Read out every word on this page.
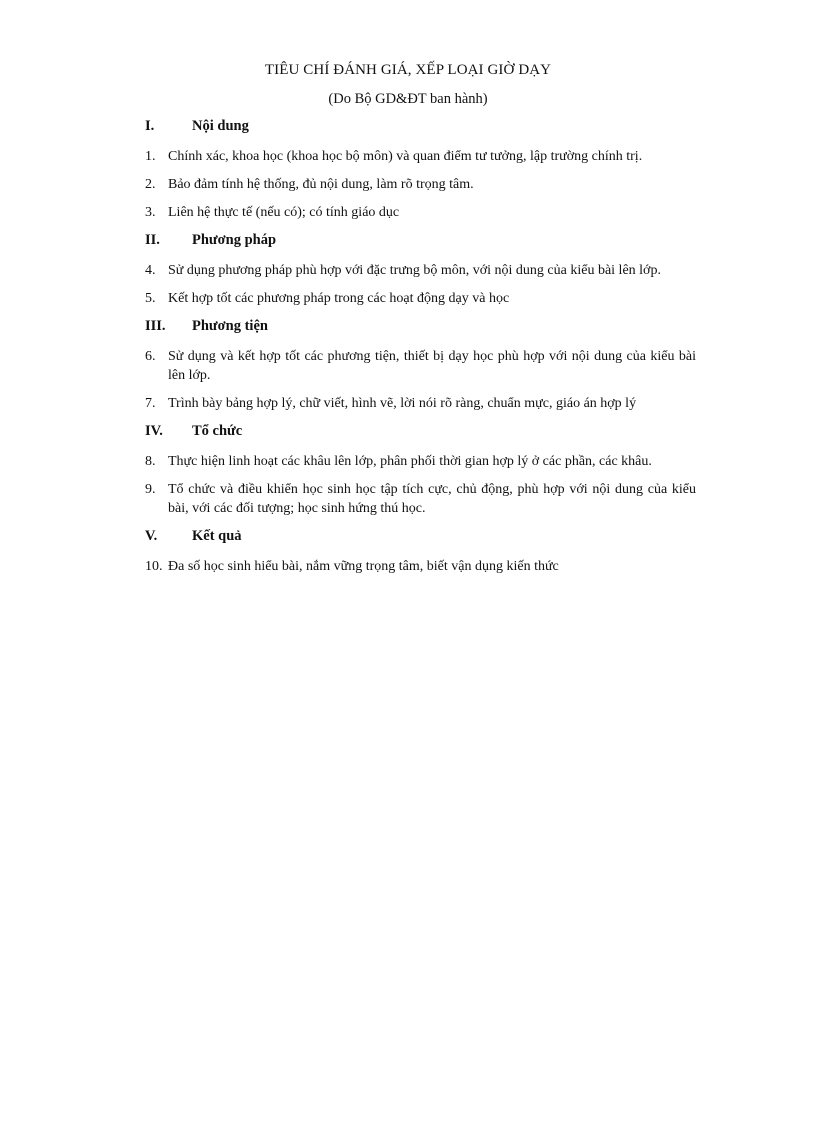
TIÊU CHÍ ĐÁNH GIÁ, XẾP LOẠI GIỜ DẠY
(Do Bộ GD&ĐT ban hành)
I.	Nội dung
1. Chính xác, khoa học (khoa học bộ môn) và quan điểm tư tưởng, lập trường chính trị.
2. Bảo đảm tính hệ thống, đủ nội dung, làm rõ trọng tâm.
3. Liên hệ thực tế (nếu có); có tính giáo dục
II.	Phương pháp
4. Sử dụng phương pháp phù hợp với đặc trưng bộ môn, với nội dung của kiểu bài lên lớp.
5. Kết hợp tốt các phương pháp trong các hoạt động dạy và học
III.	Phương tiện
6. Sử dụng và kết hợp tốt các phương tiện, thiết bị dạy học phù hợp với nội dung của kiểu bài lên lớp.
7. Trình bày bảng hợp lý, chữ viết, hình vẽ, lời nói rõ ràng, chuẩn mực, giáo án hợp lý
IV.	Tổ chức
8. Thực hiện linh hoạt các khâu lên lớp, phân phối thời gian hợp lý ở các phần, các khâu.
9. Tổ chức và điều khiển học sinh học tập tích cực, chủ động, phù hợp với nội dung của kiểu bài, với các đối tượng; học sinh hứng thú học.
V.	Kết quả
10. Đa số học sinh hiểu bài, nắm vững trọng tâm, biết vận dụng kiến thức
